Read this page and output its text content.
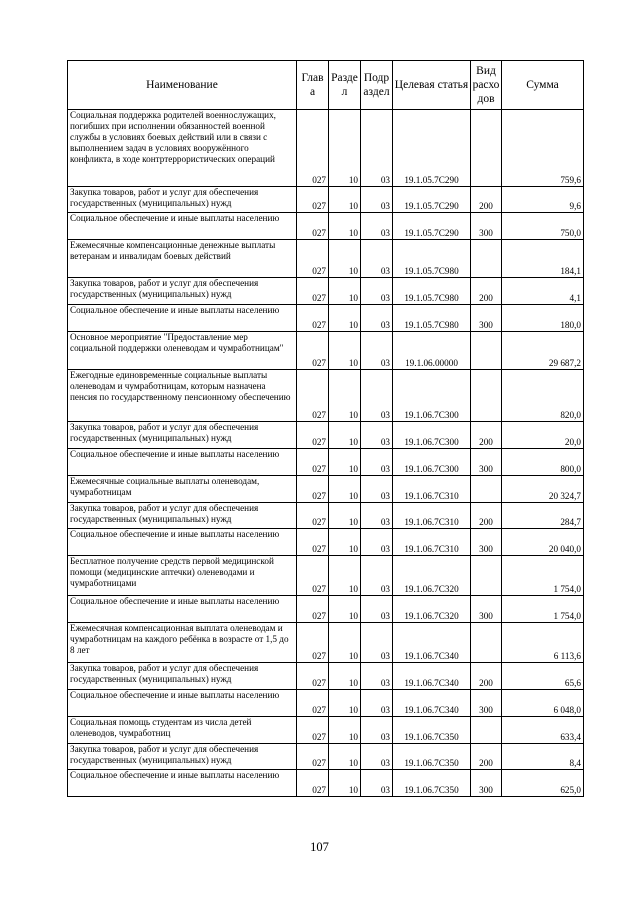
Наименование	Глав а	Разде л	Подр аздел	Целевая статья	Вид расхо дов	Сумма
Социальная поддержка родителей военнослужащих, погибших при исполнении обязанностей военной службы в условиях боевых действий или в связи с выполнением задач в условиях вооружённого конфликта, в ходе контртеррористических операций	027	10	03	19.1.05.7С290		759,6
Закупка товаров, работ и услуг для обеспечения государственных (муниципальных) нужд	027	10	03	19.1.05.7С290	200	9,6
Социальное обеспечение и иные выплаты населению	027	10	03	19.1.05.7С290	300	750,0
Ежемесячные компенсационные денежные выплаты ветеранам и инвалидам боевых действий	027	10	03	19.1.05.7С980		184,1
Закупка товаров, работ и услуг для обеспечения государственных (муниципальных) нужд	027	10	03	19.1.05.7С980	200	4,1
Социальное обеспечение и иные выплаты населению	027	10	03	19.1.05.7С980	300	180,0
Основное мероприятие "Предоставление мер социальной поддержки оленеводам и чумработницам"	027	10	03	19.1.06.00000		29 687,2
Ежегодные единовременные социальные выплаты оленеводам и чумработницам, которым назначена пенсия по государственному пенсионному обеспечению	027	10	03	19.1.06.7С300		820,0
Закупка товаров, работ и услуг для обеспечения государственных (муниципальных) нужд	027	10	03	19.1.06.7С300	200	20,0
Социальное обеспечение и иные выплаты населению	027	10	03	19.1.06.7С300	300	800,0
Ежемесячные социальные выплаты оленеводам, чумработницам	027	10	03	19.1.06.7С310		20 324,7
Закупка товаров, работ и услуг для обеспечения государственных (муниципальных) нужд	027	10	03	19.1.06.7С310	200	284,7
Социальное обеспечение и иные выплаты населению	027	10	03	19.1.06.7С310	300	20 040,0
Бесплатное получение средств первой медицинской помощи (медицинские аптечки) оленеводами и чумработницами	027	10	03	19.1.06.7С320		1 754,0
Социальное обеспечение и иные выплаты населению	027	10	03	19.1.06.7С320	300	1 754,0
Ежемесячная компенсационная выплата оленеводам и чумработницам на каждого ребёнка в возрасте от 1,5 до 8 лет	027	10	03	19.1.06.7С340		6 113,6
Закупка товаров, работ и услуг для обеспечения государственных (муниципальных) нужд	027	10	03	19.1.06.7С340	200	65,6
Социальное обеспечение и иные выплаты населению	027	10	03	19.1.06.7С340	300	6 048,0
Социальная помощь студентам из числа детей оленеводов, чумработниц	027	10	03	19.1.06.7С350		633,4
Закупка товаров, работ и услуг для обеспечения государственных (муниципальных) нужд	027	10	03	19.1.06.7С350	200	8,4
Социальное обеспечение и иные выплаты населению	027	10	03	19.1.06.7С350	300	625,0
107
